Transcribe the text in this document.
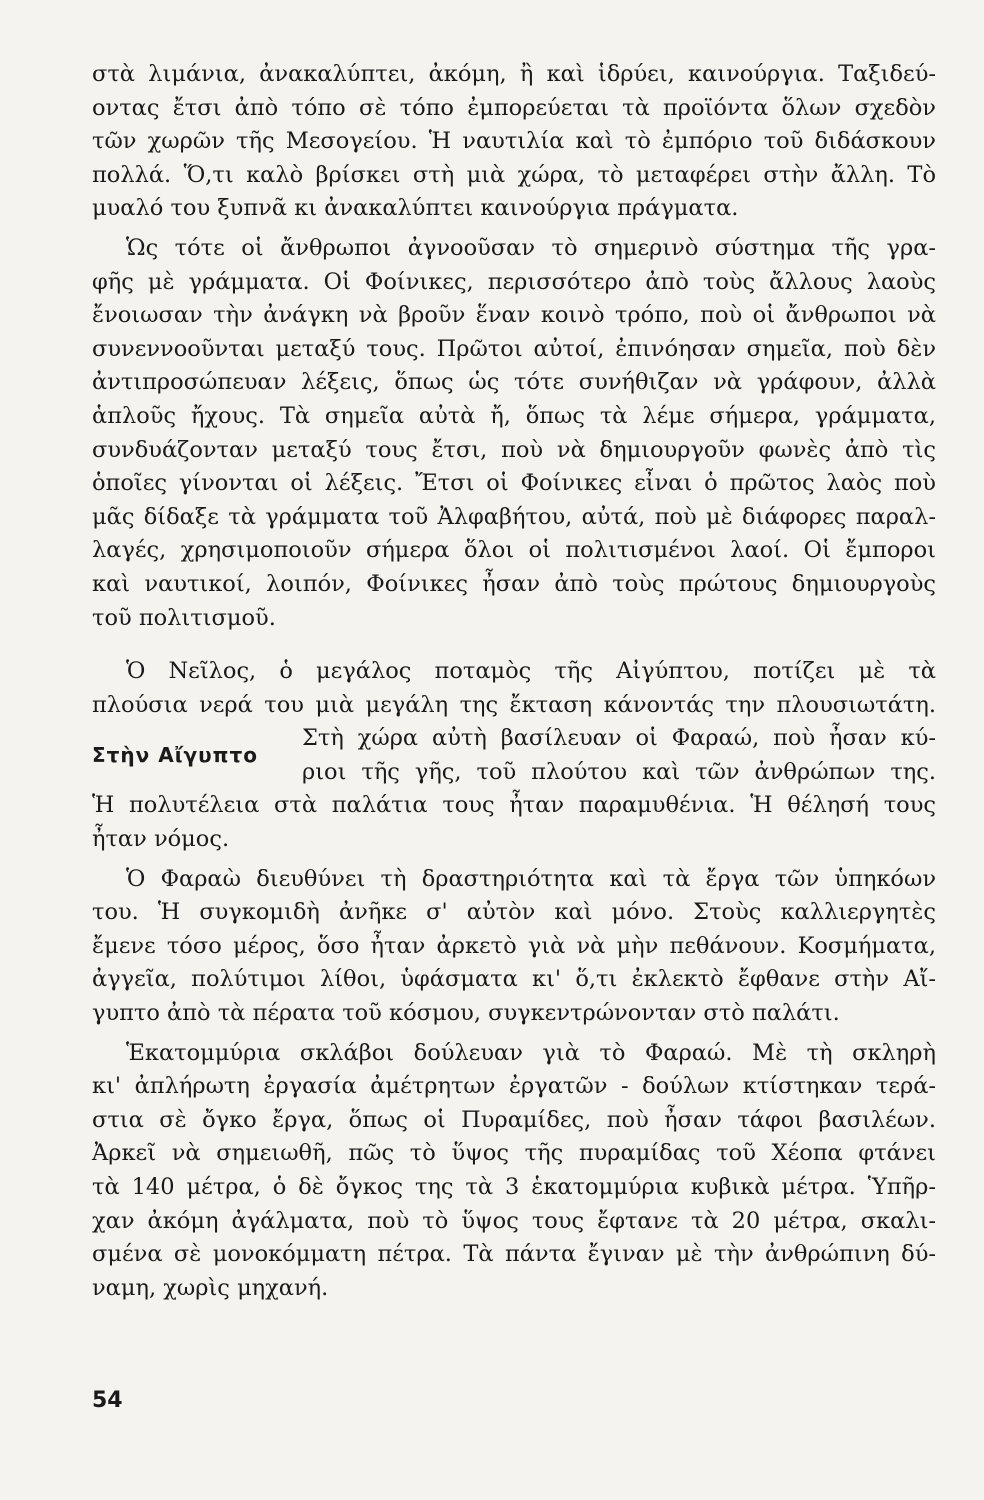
στὰ λιμάνια, ἀνακαλύπτει, ἀκόμη, ἢ καὶ ἱδρύει, καινούργια. Ταξιδεύ-
οντας ἔτσι ἀπὸ τόπο σὲ τόπο ἐμπορεύεται τὰ προϊόντα ὅλων σχεδὸν
τῶν χωρῶν τῆς Μεσογείου. Ἡ ναυτιλία καὶ τὸ ἐμπόριο τοῦ διδάσκουν
πολλά. Ὅ,τι καλὸ βρίσκει στὴ μιὰ χώρα, τὸ μεταφέρει στὴν ἄλλη. Τὸ
μυαλό του ξυπνᾶ κι ἀνακαλύπτει καινούργια πράγματα.

Ὡς τότε οἱ ἄνθρωποι ἀγνοοῦσαν τὸ σημερινὸ σύστημα τῆς γρα-
φῆς μὲ γράμματα. Οἱ Φοίνικες, περισσότερο ἀπὸ τοὺς ἄλλους λαοὺς
ἔνοιωσαν τὴν ἀνάγκη νὰ βροῦν ἕναν κοινὸ τρόπο, ποὺ οἱ ἄνθρωποι νὰ
συνεννοοῦνται μεταξύ τους. Πρῶτοι αὐτοί, ἐπινόησαν σημεῖα, ποὺ δὲν
ἀντιπροσώπευαν λέξεις, ὅπως ὡς τότε συνήθιζαν νὰ γράφουν, ἀλλὰ
ἁπλοῦς ἤχους. Τὰ σημεῖα αὐτὰ ἤ, ὅπως τὰ λέμε σήμερα, γράμματα,
συνδυάζονταν μεταξύ τους ἔτσι, ποὺ νὰ δημιουργοῦν φωνὲς ἀπὸ τὶς
ὁποῖες γίνονται οἱ λέξεις. Ἔτσι οἱ Φοίνικες εἶναι ὁ πρῶτος λαὸς ποὺ
μᾶς δίδαξε τὰ γράμματα τοῦ Ἀλφαβήτου, αὐτά, ποὺ μὲ διάφορες παραλ-
λαγές, χρησιμοποιοῦν σήμερα ὅλοι οἱ πολιτισμένοι λαοί. Οἱ ἔμποροι
καὶ ναυτικοί, λοιπόν, Φοίνικες ἦσαν ἀπὸ τοὺς πρώτους δημιουργοὺς
τοῦ πολιτισμοῦ.

Ὁ Νεῖλος, ὁ μεγάλος ποταμὸς τῆς Αἰγύπτου, ποτίζει μὲ τὰ
πλούσια νερά του μιὰ μεγάλη της ἔκταση κάνοντάς την πλουσιωτάτη.
Στὴν Αἴγυπτο
Στὴ χώρα αὐτὴ βασίλευαν οἱ Φαραώ, ποὺ ἦσαν κύ-
ριοι τῆς γῆς, τοῦ πλούτου καὶ τῶν ἀνθρώπων της.
Ἡ πολυτέλεια στὰ παλάτια τους ἦταν παραμυθένια. Ἡ θέλησή τους
ἦταν νόμος.

Ὁ Φαραὼ διευθύνει τὴ δραστηριότητα καὶ τὰ ἔργα τῶν ὑπηκόων
του. Ἡ συγκομιδὴ ἀνῆκε σ' αὐτὸν καὶ μόνο. Στοὺς καλλιεργητὲς
ἔμενε τόσο μέρος, ὅσο ἦταν ἀρκετὸ γιὰ νὰ μὴν πεθάνουν. Κοσμήματα,
ἀγγεῖα, πολύτιμοι λίθοι, ὑφάσματα κι' ὅ,τι ἐκλεκτὸ ἔφθανε στὴν Αἴ-
γυπτο ἀπὸ τὰ πέρατα τοῦ κόσμου, συγκεντρώνονταν στὸ παλάτι.

Ἑκατομμύρια σκλάβοι δούλευαν γιὰ τὸ Φαραώ. Μὲ τὴ σκληρὴ
κι' ἀπλήρωτη ἐργασία ἀμέτρητων ἐργατῶν - δούλων κτίστηκαν τερά-
στια σὲ ὄγκο ἔργα, ὅπως οἱ Πυραμίδες, ποὺ ἦσαν τάφοι βασιλέων.
Ἀρκεῖ νὰ σημειωθῆ, πῶς τὸ ὕψος τῆς πυραμίδας τοῦ Χέοπα φτάνει
τὰ 140 μέτρα, ὁ δὲ ὄγκος της τὰ 3 ἑκατομμύρια κυβικὰ μέτρα. Ὑπῆρ-
χαν ἀκόμη ἀγάλματα, ποὺ τὸ ὕψος τους ἔφτανε τὰ 20 μέτρα, σκαλι-
σμένα σὲ μονοκόμματη πέτρα. Τὰ πάντα ἔγιναν μὲ τὴν ἀνθρώπινη δύ-
ναμη, χωρὶς μηχανή.

54
